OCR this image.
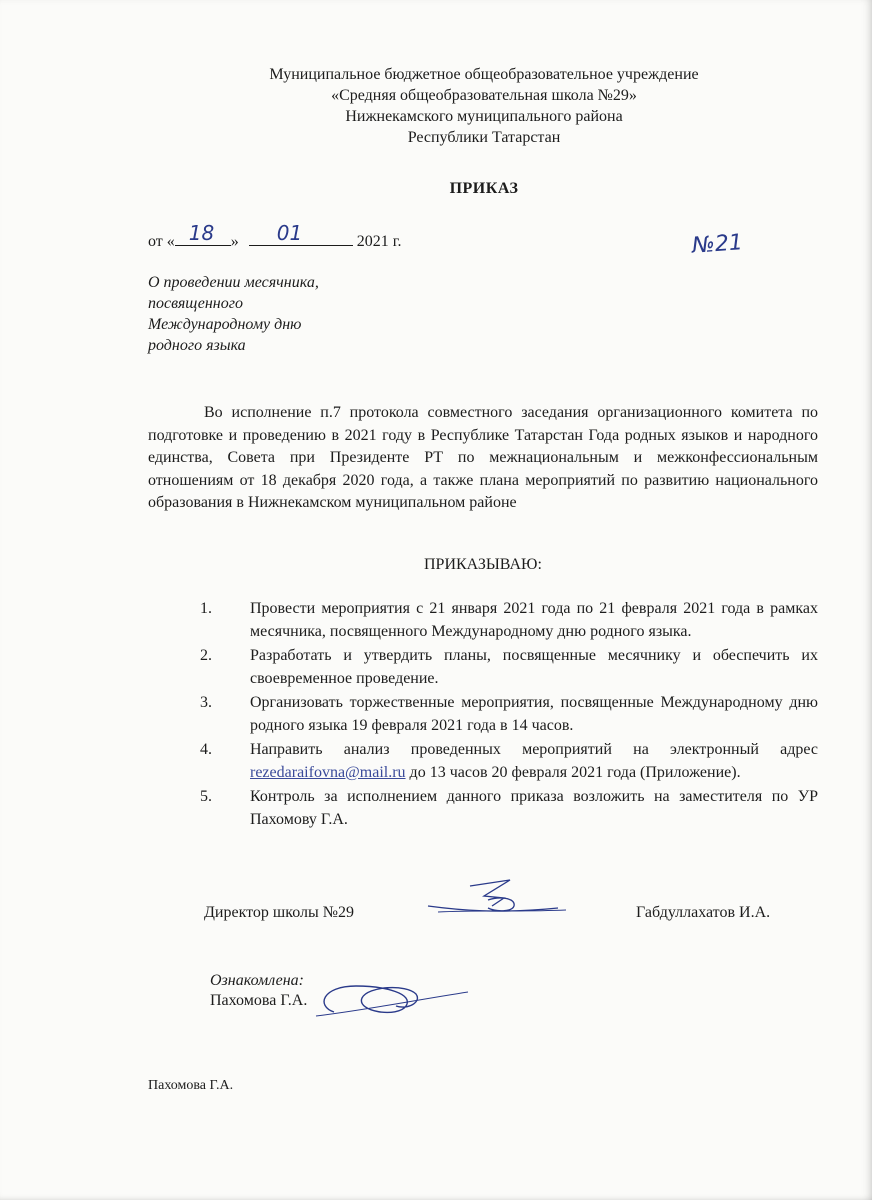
Муниципальное бюджетное общеобразовательное учреждение
«Средняя общеобразовательная школа №29»
Нижнекамского муниципального района
Республики Татарстан
ПРИКАЗ
от « 18 » 01	2021 г.	№21
О проведении месячника,
посвященного
Международному дню
родного языка

Во исполнение п.7 протокола совместного заседания организационного комитета по подготовке и проведению в 2021 году в Республике Татарстан Года родных языков и народного единства, Совета при Президенте РТ по межнациональным и межконфессиональным отношениям от 18 декабря 2020 года, а также плана мероприятий по развитию национального образования в Нижнекамском муниципальном районе

ПРИКАЗЫВАЮ:
1. Провести мероприятия с 21 января 2021 года по 21 февраля 2021 года в рамках месячника, посвященного Международному дню родного языка.
2. Разработать и утвердить планы, посвященные месячнику и обеспечить их своевременное проведение.
3. Организовать торжественные мероприятия, посвященные Международному дню родного языка 19 февраля 2021 года в 14 часов.
4. Направить анализ проведенных мероприятий на электронный адрес rezedaraifovna@mail.ru до 13 часов 20 февраля 2021 года (Приложение).
5. Контроль за исполнением данного приказа возложить на заместителя по УР Пахомову Г.А.
Директор школы №29	Габдуллахатов И.А.
Ознакомлена:
Пахомова Г.А.
Пахомова Г.А.
